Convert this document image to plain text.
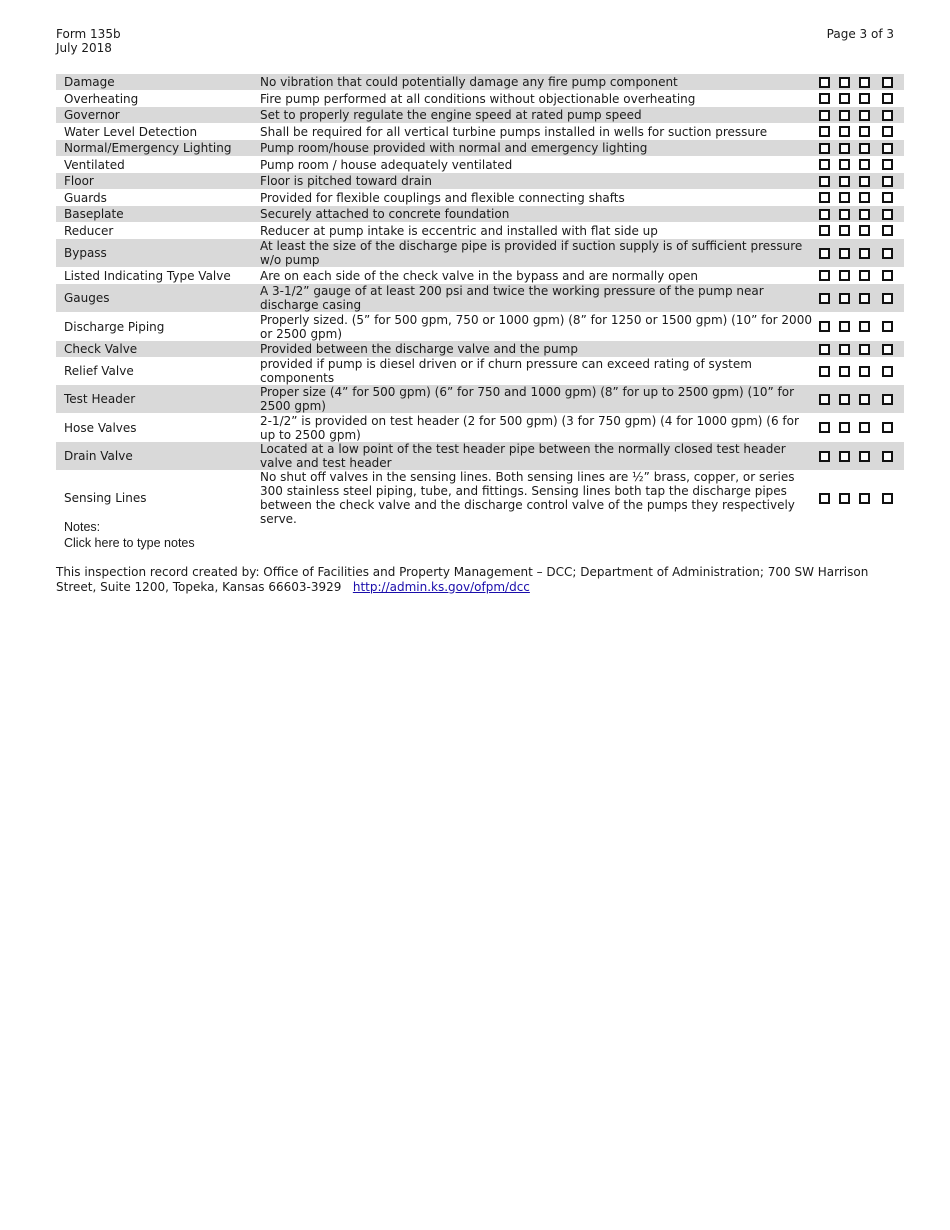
Form 135b
July 2018
Page 3 of 3
Damage	No vibration that could potentially damage any fire pump component	

Overheating	Fire pump performed at all conditions without objectionable overheating	

Governor	Set to properly regulate the engine speed at rated pump speed	

Water Level Detection	Shall be required for all vertical turbine pumps installed in wells for suction pressure	

Normal/Emergency Lighting	Pump room/house provided with normal and emergency lighting	

Ventilated	Pump room / house adequately ventilated	

Floor	Floor is pitched toward drain	

Guards	Provided for flexible couplings and flexible connecting shafts	

Baseplate	Securely attached to concrete foundation	

Reducer	Reducer at pump intake is eccentric and installed with flat side up	

Bypass	At least the size of the discharge pipe is provided if suction supply is of sufficient pressure w/o pump	

Listed Indicating Type Valve	Are on each side of the check valve in the bypass and are normally open	

Gauges	A 3-1/2” gauge of at least 200 psi and twice the working pressure of the pump near discharge casing	

Discharge Piping	Properly sized. (5” for 500 gpm, 750 or 1000 gpm) (8” for 1250 or 1500 gpm) (10” for 2000 or 2500 gpm)	

Check Valve	Provided between the discharge valve and the pump	

Relief Valve	provided if pump is diesel driven or if churn pressure can exceed rating of system components	

Test Header	Proper size (4” for 500 gpm) (6” for 750 and 1000 gpm) (8” for up to 2500 gpm) (10” for 2500 gpm)	

Hose Valves	2-1/2” is provided on test header (2 for 500 gpm) (3 for 750 gpm) (4 for 1000 gpm) (6 for up to 2500 gpm)	

Drain Valve	Located at a low point of the test header pipe between the normally closed test header valve and test header	

Sensing Lines	No shut off valves in the sensing lines. Both sensing lines are ½” brass, copper, or series 300 stainless steel piping, tube, and fittings. Sensing lines both tap the discharge pipes between the check valve and the discharge control valve of the pumps they respectively serve.	
Notes:
Click here to type notes
This inspection record created by: Office of Facilities and Property Management – DCC; Department of Administration; 700 SW Harrison Street, Suite 1200, Topeka, Kansas 66603-3929 http://admin.ks.gov/ofpm/dcc
